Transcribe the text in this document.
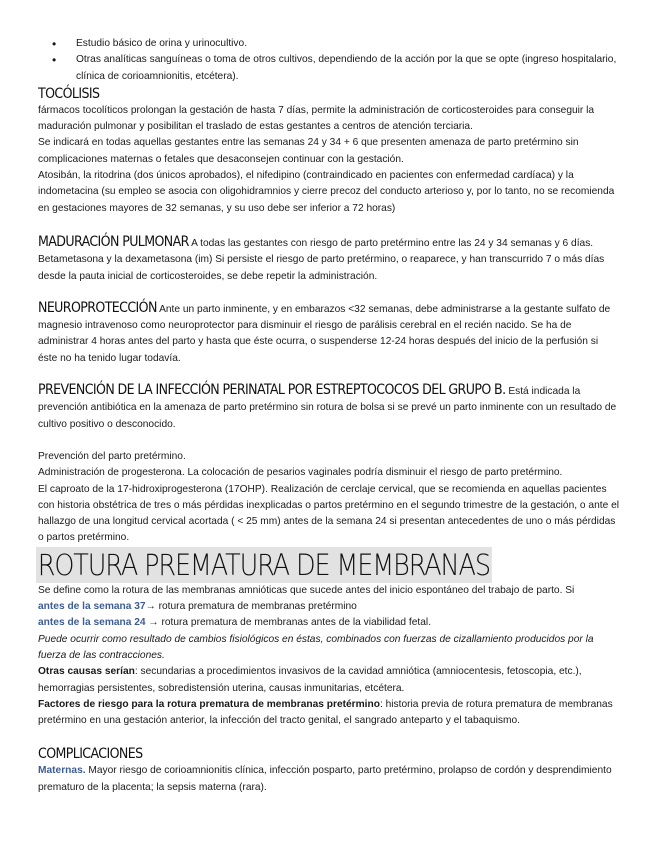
• Estudio básico de orina y urinocultivo.
• Otras analíticas sanguíneas o toma de otros cultivos, dependiendo de la acción por la que se opte (ingreso hospitalario, clínica de corioamnionitis, etcétera).
TOCÓLISIS

fármacos tocolíticos prolongan la gestación de hasta 7 días, permite la administración de corticosteroides para conseguir la maduración pulmonar y posibilitan el traslado de estas gestantes a centros de atención terciaria.

Se indicará en todas aquellas gestantes entre las semanas 24 y 34 + 6 que presenten amenaza de parto pretérmino sin complicaciones maternas o fetales que desaconsejen continuar con la gestación.

Atosibán, la ritodrina (dos únicos aprobados), el nifedipino (contraindicado en pacientes con enfermedad cardíaca) y la indometacina (su empleo se asocia con oligohidramnios y cierre precoz del conducto arterioso y, por lo tanto, no se recomienda en gestaciones mayores de 32 semanas, y su uso debe ser inferior a 72 horas)

MADURACIÓN PULMONAR A todas las gestantes con riesgo de parto pretérmino entre las 24 y 34 semanas y 6 días. Betametasona y la dexametasona (im) Si persiste el riesgo de parto pretérmino, o reaparece, y han transcurrido 7 o más días desde la pauta inicial de corticosteroides, se debe repetir la administración.

NEUROPROTECCIÓN Ante un parto inminente, y en embarazos <32 semanas, debe administrarse a la gestante sulfato de magnesio intravenoso como neuroprotector para disminuir el riesgo de parálisis cerebral en el recién nacido. Se ha de administrar 4 horas antes del parto y hasta que éste ocurra, o suspenderse 12-24 horas después del inicio de la perfusión si éste no ha tenido lugar todavía.

PREVENCIÓN DE LA INFECCIÓN PERINATAL POR ESTREPTOCOCOS DEL GRUPO B. Está indicada la prevención antibiótica en la amenaza de parto pretérmino sin rotura de bolsa si se prevé un parto inminente con un resultado de cultivo positivo o desconocido.

Prevención del parto pretérmino.

Administración de progesterona. La colocación de pesarios vaginales podría disminuir el riesgo de parto pretérmino.

El caproato de la 17-hidroxiprogesterona (17OHP). Realización de cerclaje cervical, que se recomienda en aquellas pacientes con historia obstétrica de tres o más pérdidas inexplicadas o partos pretérmino en el segundo trimestre de la gestación, o ante el hallazgo de una longitud cervical acortada ( < 25 mm) antes de la semana 24 si presentan antecedentes de uno o más pérdidas o partos pretérmino.

ROTURA PREMATURA DE MEMBRANAS

Se define como la rotura de las membranas amnióticas que sucede antes del inicio espontáneo del trabajo de parto. Si

antes de la semana 37→ rotura prematura de membranas pretérmino

antes de la semana 24 → rotura prematura de membranas antes de la viabilidad fetal.

Puede ocurrir como resultado de cambios fisiológicos en éstas, combinados con fuerzas de cizallamiento producidos por la fuerza de las contracciones.

Otras causas serían: secundarias a procedimientos invasivos de la cavidad amniótica (amniocentesis, fetoscopia, etc.), hemorragias persistentes, sobredistensión uterina, causas inmunitarias, etcétera.

Factores de riesgo para la rotura prematura de membranas pretérmino: historia previa de rotura prematura de membranas pretérmino en una gestación anterior, la infección del tracto genital, el sangrado anteparto y el tabaquismo.

COMPLICACIONES

Maternas. Mayor riesgo de corioamnionitis clínica, infección posparto, parto pretérmino, prolapso de cordón y desprendimiento prematuro de la placenta; la sepsis materna (rara).
